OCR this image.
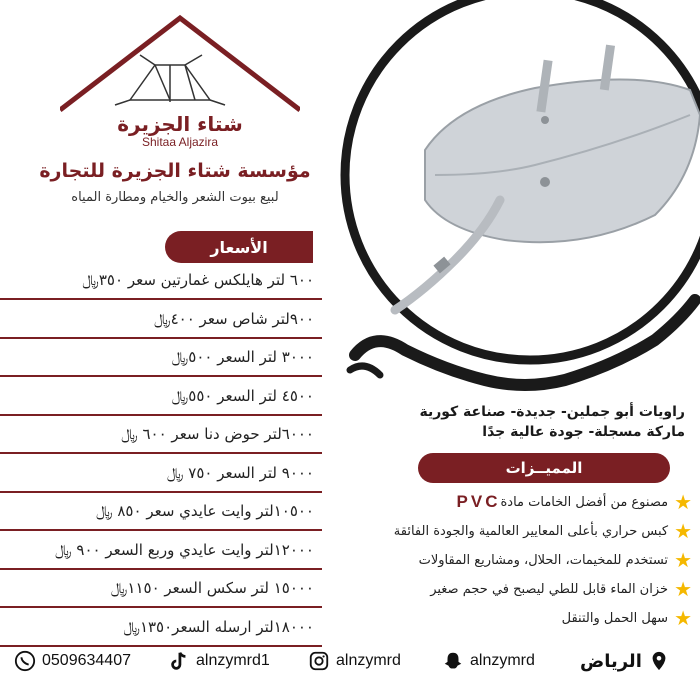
شتاء الجزيرة
Shitaa Aljazira
مؤسسة شتاء الجزيرة للتجارة
لبيع بيوت الشعر والخيام ومطارة المياه
الأسعار
٦٠٠ لتر هايلكس غمارتين سعر ٣٥٠﷼
٩٠٠لتر شاص سعر ٤٠٠﷼
٣٠٠٠ لتر السعر ٥٠٠﷼
٤٥٠٠ لتر السعر ٥٥٠﷼
٦٠٠٠لتر حوض دنا سعر ٦٠٠ ﷼
٩٠٠٠ لتر السعر ٧٥٠ ﷼
١٠٥٠٠لتر وايت عايدي سعر ٨٥٠ ﷼
١٢٠٠٠لتر وايت عايدي وربع السعر ٩٠٠ ﷼
١٥٠٠٠ لتر سكس السعر ١١٥٠﷼
١٨٠٠٠لتر ارسله السعر١٣٥٠﷼
راويات أبو جملين- جديدة- صناعة كورية
ماركة مسجلة- جودة عالية جدًا
المميــزات
PVC مصنوع من أفضل الخامات مادة ★
كبس حراري بأعلى المعايير العالمية والجودة الفائقة ★
تستخدم للمخيمات، الحلال، ومشاريع المقاولات ★
خزان الماء قابل للطي ليصبح في حجم صغير ★
سهل الحمل والتنقل ★
0509634407	alnzymrd1	alnzymrd	alnzymrd	الرياض
